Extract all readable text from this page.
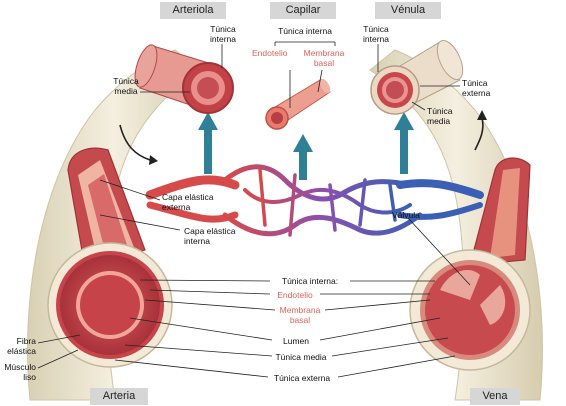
Arteriola	Capilar	Vénula
Arteria	Vena
Túnica interna
Túnica media
Túnica interna
Endotelio	Membrana basal
Túnica interna
Túnica externa
Túnica media
Capa elástica externa
Capa elástica interna
Válvula
Túnica interna:
Endotelio
Membrana basal
Lumen
Túnica media
Túnica externa
Fibra elástica
Músculo liso
